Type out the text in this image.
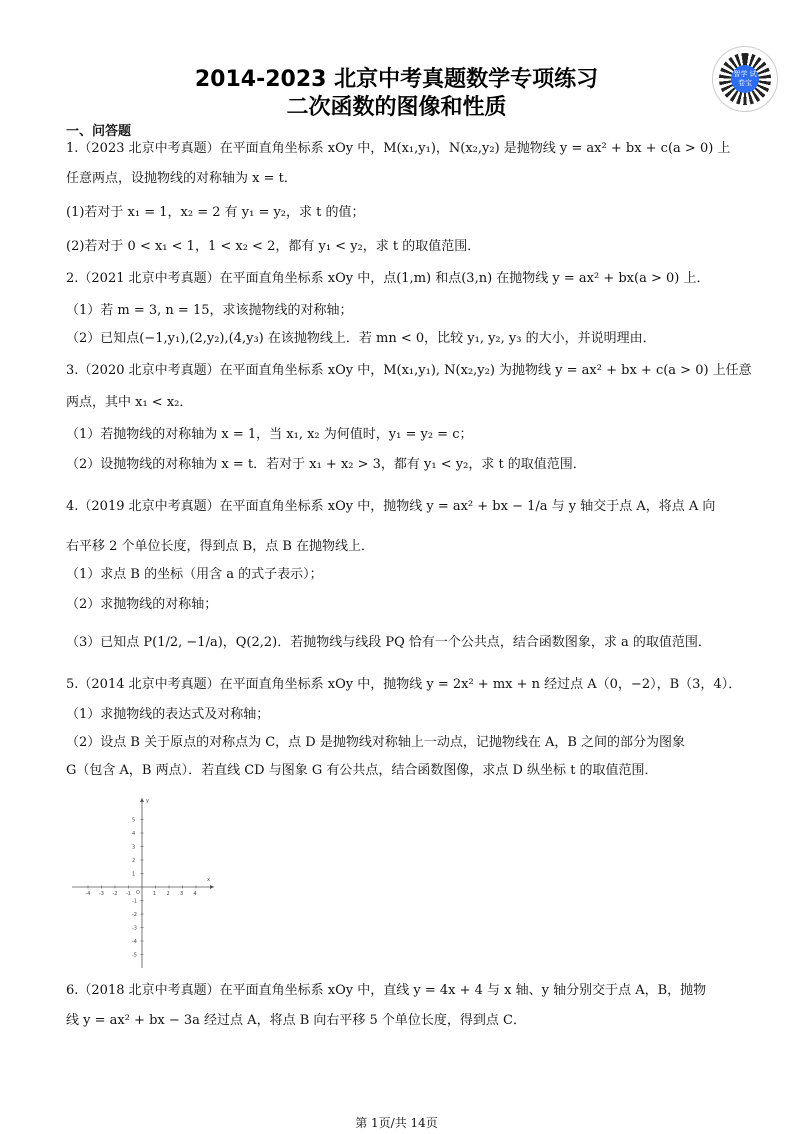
2014-2023 北京中考真题数学专项练习
二次函数的图像和性质
智学 试卷宝
一、问答题
1.（2023 北京中考真题）在平面直角坐标系 xOy 中，M(x₁,y₁)，N(x₂,y₂) 是抛物线 y = ax² + bx + c(a > 0) 上
任意两点，设抛物线的对称轴为 x = t．
(1)若对于 x₁ = 1，x₂ = 2 有 y₁ = y₂，求 t 的值；
(2)若对于 0 < x₁ < 1，1 < x₂ < 2，都有 y₁ < y₂，求 t 的取值范围．
2.（2021 北京中考真题）在平面直角坐标系 xOy 中，点(1,m) 和点(3,n) 在抛物线 y = ax² + bx(a > 0) 上．
（1）若 m = 3, n = 15，求该抛物线的对称轴；
（2）已知点(−1,y₁),(2,y₂),(4,y₃) 在该抛物线上．若 mn < 0，比较 y₁, y₂, y₃ 的大小，并说明理由．
3.（2020 北京中考真题）在平面直角坐标系 xOy 中，M(x₁,y₁), N(x₂,y₂) 为抛物线 y = ax² + bx + c(a > 0) 上任意
两点，其中 x₁ < x₂．
（1）若抛物线的对称轴为 x = 1，当 x₁, x₂ 为何值时，y₁ = y₂ = c；
（2）设抛物线的对称轴为 x = t．若对于 x₁ + x₂ > 3，都有 y₁ < y₂，求 t 的取值范围．
4.（2019 北京中考真题）在平面直角坐标系 xOy 中，抛物线 y = ax² + bx − 1/a 与 y 轴交于点 A，将点 A 向
右平移 2 个单位长度，得到点 B，点 B 在抛物线上．
（1）求点 B 的坐标（用含 a 的式子表示）；
（2）求抛物线的对称轴；
（3）已知点 P(1/2, −1/a)，Q(2,2)．若抛物线与线段 PQ 恰有一个公共点，结合函数图象，求 a 的取值范围．
5.（2014 北京中考真题）在平面直角坐标系 xOy 中，抛物线 y = 2x² + mx + n 经过点 A（0，−2），B（3，4）．
（1）求抛物线的表达式及对称轴；
（2）设点 B 关于原点的对称点为 C，点 D 是抛物线对称轴上一动点，记抛物线在 A，B 之间的部分为图象
G（包含 A，B 两点）．若直线 CD 与图象 G 有公共点，结合函数图像，求点 D 纵坐标 t 的取值范围．
6.（2018 北京中考真题）在平面直角坐标系 xOy 中，直线 y = 4x + 4 与 x 轴、y 轴分别交于点 A，B，抛物
线 y = ax² + bx − 3a 经过点 A，将点 B 向右平移 5 个单位长度，得到点 C．
-4 -3 -2 -1	1 2 3 4
5
4
3
2
1
-1
-2
-3
-4
-5
x
y
O
第 1页/共 14页
